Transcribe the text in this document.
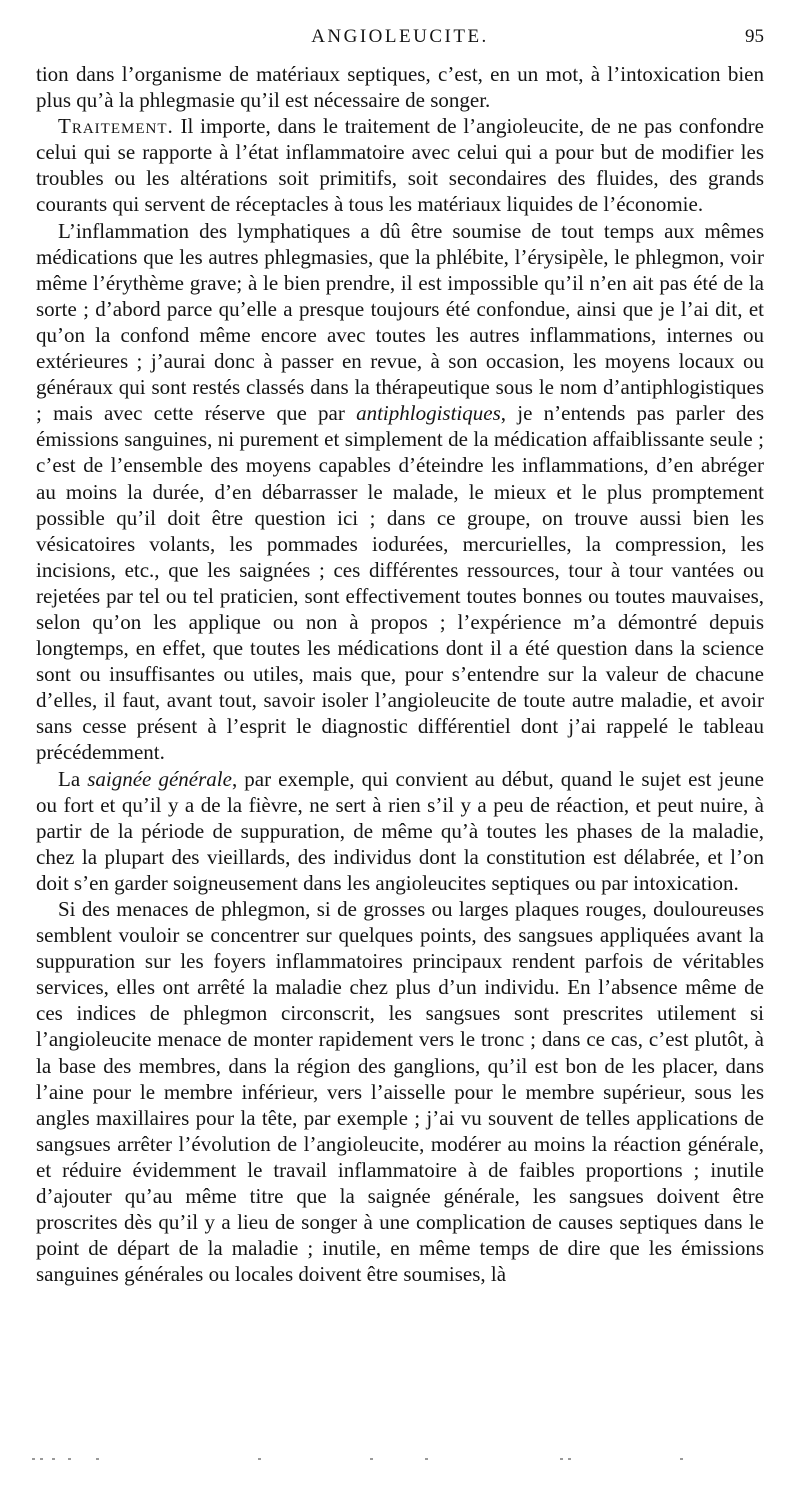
ANGIOLEUCITE.	95

tion dans l’organisme de matériaux septiques, c’est, en un mot, à l’intoxication bien plus qu’à la phlegmasie qu’il est nécessaire de songer.

Traitement. Il importe, dans le traitement de l’angioleucite, de ne pas confondre celui qui se rapporte à l’état inflammatoire avec celui qui a pour but de modifier les troubles ou les altérations soit primitifs, soit secondaires des fluides, des grands courants qui servent de réceptacles à tous les matériaux liquides de l’économie.

L’inflammation des lymphatiques a dû être soumise de tout temps aux mêmes médications que les autres phlegmasies, que la phlébite, l’érysipèle, le phlegmon, voir même l’érythème grave; à le bien prendre, il est impossible qu’il n’en ait pas été de la sorte ; d’abord parce qu’elle a presque toujours été confondue, ainsi que je l’ai dit, et qu’on la confond même encore avec toutes les autres inflammations, internes ou extérieures ; j’aurai donc à passer en revue, à son occasion, les moyens locaux ou généraux qui sont restés classés dans la thérapeutique sous le nom d’antiphlogistiques ; mais avec cette réserve que par antiphlogistiques, je n’entends pas parler des émissions sanguines, ni purement et simplement de la médication affaiblissante seule ; c’est de l’ensemble des moyens capables d’éteindre les inflammations, d’en abréger au moins la durée, d’en débarrasser le malade, le mieux et le plus promptement possible qu’il doit être question ici ; dans ce groupe, on trouve aussi bien les vésicatoires volants, les pommades iodurées, mercurielles, la compression, les incisions, etc., que les saignées ; ces différentes ressources, tour à tour vantées ou rejetées par tel ou tel praticien, sont effectivement toutes bonnes ou toutes mauvaises, selon qu’on les applique ou non à propos ; l’expérience m’a démontré depuis longtemps, en effet, que toutes les médications dont il a été question dans la science sont ou insuffisantes ou utiles, mais que, pour s’entendre sur la valeur de chacune d’elles, il faut, avant tout, savoir isoler l’angioleucite de toute autre maladie, et avoir sans cesse présent à l’esprit le diagnostic différentiel dont j’ai rappelé le tableau précédemment.

La saignée générale, par exemple, qui convient au début, quand le sujet est jeune ou fort et qu’il y a de la fièvre, ne sert à rien s’il y a peu de réaction, et peut nuire, à partir de la période de suppuration, de même qu’à toutes les phases de la maladie, chez la plupart des vieillards, des individus dont la constitution est délabrée, et l’on doit s’en garder soigneusement dans les angioleucites septiques ou par intoxication.

Si des menaces de phlegmon, si de grosses ou larges plaques rouges, douloureuses semblent vouloir se concentrer sur quelques points, des sangsues appliquées avant la suppuration sur les foyers inflammatoires principaux rendent parfois de véritables services, elles ont arrêté la maladie chez plus d’un individu. En l’absence même de ces indices de phlegmon circonscrit, les sangsues sont prescrites utilement si l’angioleucite menace de monter rapidement vers le tronc ; dans ce cas, c’est plutôt, à la base des membres, dans la région des ganglions, qu’il est bon de les placer, dans l’aine pour le membre inférieur, vers l’aisselle pour le membre supérieur, sous les angles maxillaires pour la tête, par exemple ; j’ai vu souvent de telles applications de sangsues arrêter l’évolution de l’angioleucite, modérer au moins la réaction générale, et réduire évidemment le travail inflammatoire à de faibles proportions ; inutile d’ajouter qu’au même titre que la saignée générale, les sangsues doivent être proscrites dès qu’il y a lieu de songer à une complication de causes septiques dans le point de départ de la maladie ; inutile, en même temps de dire que les émissions sanguines générales ou locales doivent être soumises, là
